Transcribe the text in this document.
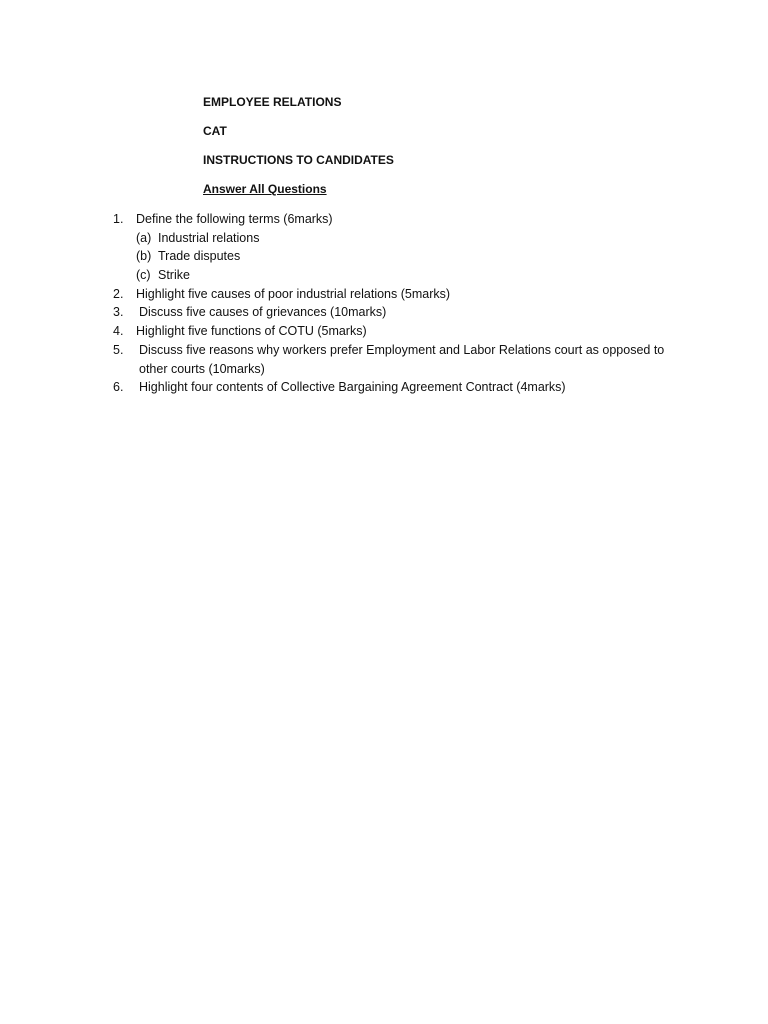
EMPLOYEE RELATIONS
CAT
INSTRUCTIONS TO CANDIDATES
Answer All Questions
1. Define the following terms (6marks)
(a) Industrial relations
(b) Trade disputes
(c) Strike
2. Highlight five causes of poor industrial relations (5marks)
3. Discuss five causes of grievances (10marks)
4. Highlight five functions of COTU (5marks)
5. Discuss five reasons why workers prefer Employment and Labor Relations court as opposed to other courts (10marks)
6. Highlight four contents of Collective Bargaining Agreement Contract (4marks)
